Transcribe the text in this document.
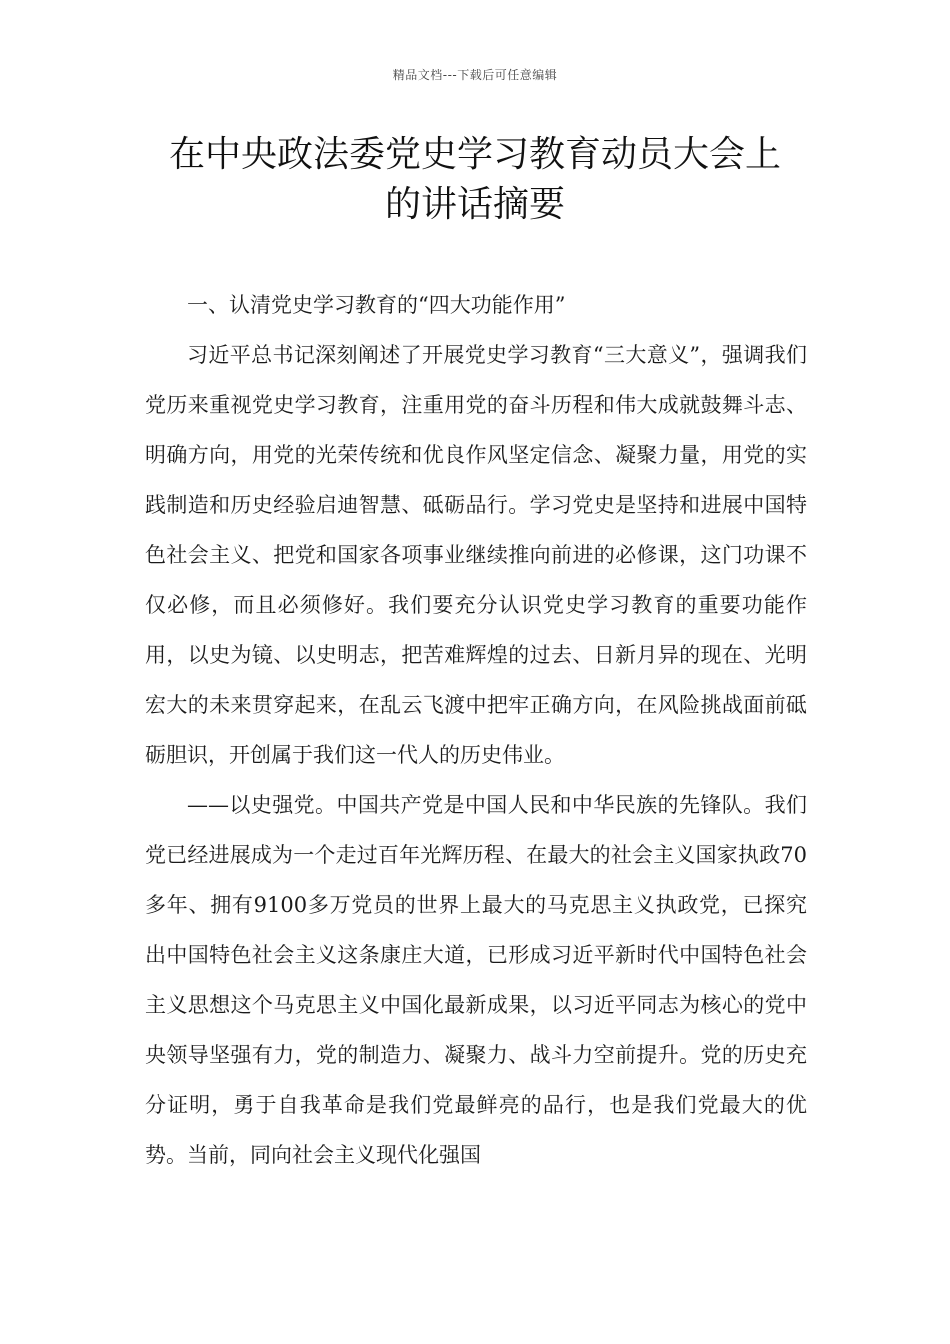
精品文档---下载后可任意编辑
在中央政法委党史学习教育动员大会上
的讲话摘要

一、认清党史学习教育的“四大功能作用”

习近平总书记深刻阐述了开展党史学习教育“三大意义”，强调我们党历来重视党史学习教育，注重用党的奋斗历程和伟大成就鼓舞斗志、明确方向，用党的光荣传统和优良作风坚定信念、凝聚力量，用党的实践制造和历史经验启迪智慧、砥砺品行。学习党史是坚持和进展中国特色社会主义、把党和国家各项事业继续推向前进的必修课，这门功课不仅必修，而且必须修好。我们要充分认识党史学习教育的重要功能作用，以史为镜、以史明志，把苦难辉煌的过去、日新月异的现在、光明宏大的未来贯穿起来，在乱云飞渡中把牢正确方向，在风险挑战面前砥砺胆识，开创属于我们这一代人的历史伟业。

——以史强党。中国共产党是中国人民和中华民族的先锋队。我们党已经进展成为一个走过百年光辉历程、在最大的社会主义国家执政70多年、拥有9100多万党员的世界上最大的马克思主义执政党，已探究出中国特色社会主义这条康庄大道，已形成习近平新时代中国特色社会主义思想这个马克思主义中国化最新成果，以习近平同志为核心的党中央领导坚强有力，党的制造力、凝聚力、战斗力空前提升。党的历史充分证明，勇于自我革命是我们党最鲜亮的品行，也是我们党最大的优势。当前，同向社会主义现代化强国
